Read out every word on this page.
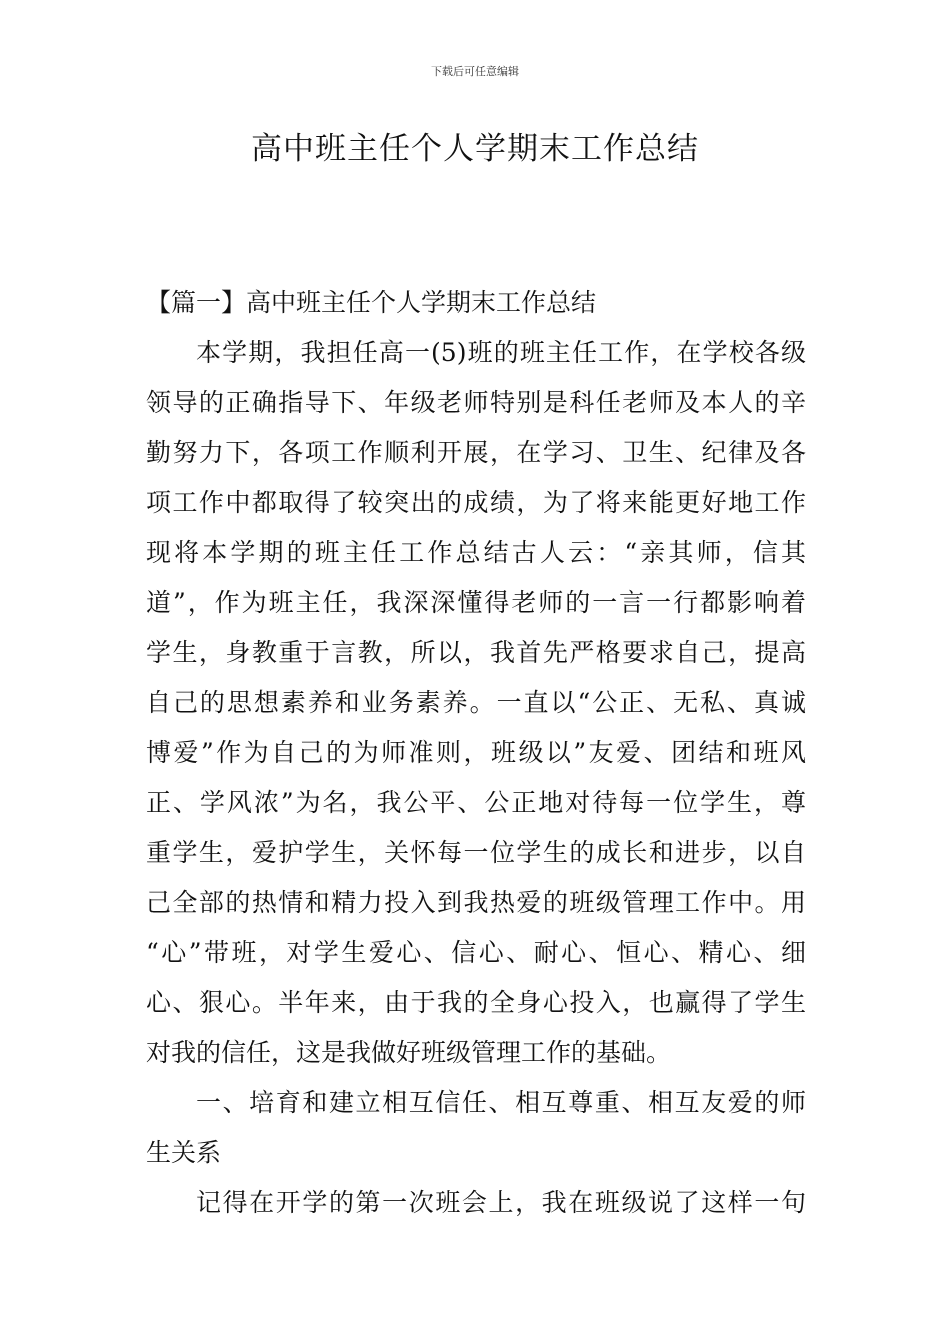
下载后可任意编辑
高中班主任个人学期末工作总结
【篇一】高中班主任个人学期末工作总结
本学期，我担任高一(5)班的班主任工作，在学校各级
领导的正确指导下、年级老师特别是科任老师及本人的辛
勤努力下，各项工作顺利开展，在学习、卫生、纪律及各
项工作中都取得了较突出的成绩，为了将来能更好地工作
现将本学期的班主任工作总结古人云：“亲其师，信其
道”，作为班主任，我深深懂得老师的一言一行都影响着
学生，身教重于言教，所以，我首先严格要求自己，提高
自己的思想素养和业务素养。一直以“公正、无私、真诚
博爱”作为自己的为师准则，班级以”友爱、团结和班风
正、学风浓”为名，我公平、公正地对待每一位学生，尊
重学生，爱护学生，关怀每一位学生的成长和进步，以自
己全部的热情和精力投入到我热爱的班级管理工作中。用
“心”带班，对学生爱心、信心、耐心、恒心、精心、细
心、狠心。半年来，由于我的全身心投入，也赢得了学生
对我的信任，这是我做好班级管理工作的基础。
一、培育和建立相互信任、相互尊重、相互友爱的师
生关系
记得在开学的第一次班会上，我在班级说了这样一句
